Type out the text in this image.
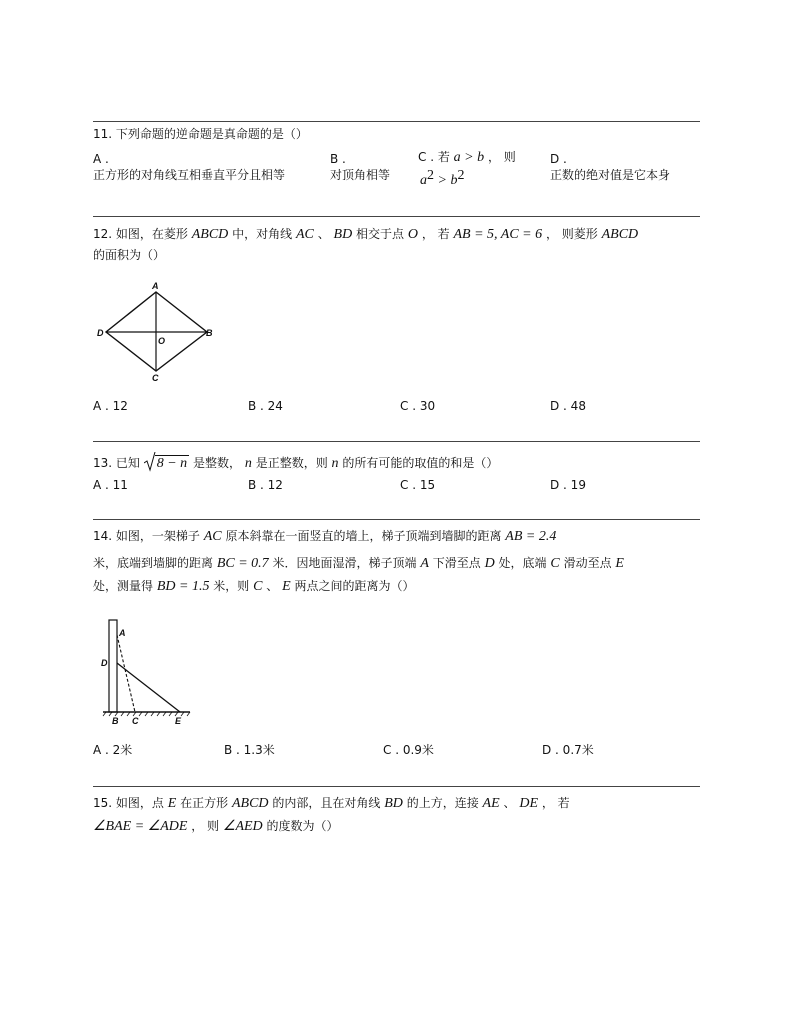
11. 下列命题的逆命题是真命题的是（）
A .
正方形的对角线互相垂直平分且相等
B .
对顶角相等
C . 若 a > b ， 则
$a^2 > b^2$
D .
正数的绝对值是它本身
12. 如图，在菱形 ABCD 中，对角线 AC 、 BD 相交于点 O ， 若 AB = 5, AC = 6 ， 则菱形 ABCD
的面积为（）
A
B
C
D
O
A . 12	B . 24	C . 30	D . 48
13. 已知 8 − n 是整数， n 是正整数，则 n 的所有可能的取值的和是（）
A . 11	B . 12	C . 15	D . 19
14. 如图，一架梯子 AC 原本斜靠在一面竖直的墙上，梯子顶端到墙脚的距离 AB = 2.4
米，底端到墙脚的距离 BC = 0.7 米．因地面湿滑，梯子顶端 A 下滑至点 D 处，底端 C 滑动至点 E
处，测量得 BD = 1.5 米，则 C 、 E 两点之间的距离为（）
A
D
B C	E
A . 2米	B . 1.3米	C . 0.9米	D . 0.7米
15. 如图，点 E 在正方形 ABCD 的内部，且在对角线 BD 的上方，连接 AE 、 DE ， 若
∠BAE = ∠ADE ， 则 ∠AED 的度数为（）
